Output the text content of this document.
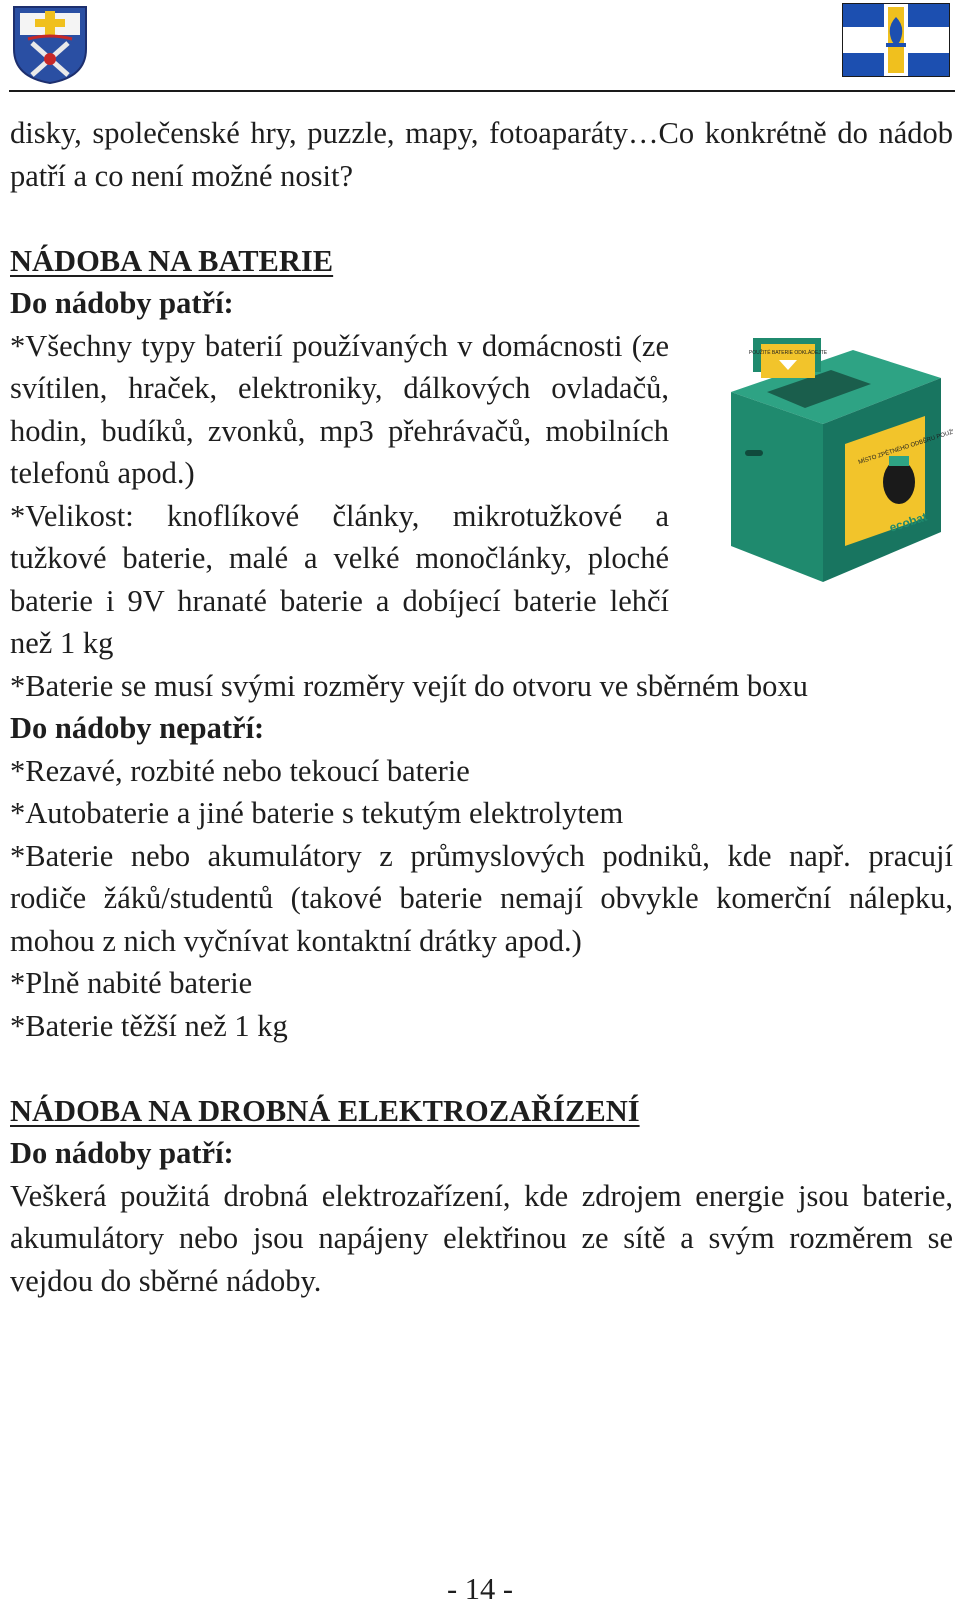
disky, společenské hry, puzzle, mapy, fotoaparáty…Co konkrétně do nádob patří a co není možné nosit?

NÁDOBA NA BATERIE

Do nádoby patří:

POUŽITÉ BATERIE ODKLÁDEJTE
MÍSTO ZPĚTNÉHO ODBĚRU POUŽITÝCH
ecobat

*Všechny typy baterií používaných v domácnosti (ze svítilen, hraček, elektroniky, dálkových ovladačů, hodin, budíků, zvonků, mp3 přehrávačů, mobilních telefonů apod.)

*Velikost: knoflíkové články, mikrotužkové a tužkové baterie, malé a velké monočlánky, ploché baterie i 9V hranaté baterie a dobíjecí baterie lehčí než 1 kg

*Baterie se musí svými rozměry vejít do otvoru ve sběrném boxu

Do nádoby nepatří:

*Rezavé, rozbité nebo tekoucí baterie

*Autobaterie a jiné baterie s tekutým elektrolytem

*Baterie nebo akumulátory z průmyslových podniků, kde např. pracují rodiče žáků/studentů (takové baterie nemají obvykle komerční nálepku, mohou z nich vyčnívat kontaktní drátky apod.)

*Plně nabité baterie

*Baterie těžší než 1 kg

NÁDOBA NA DROBNÁ ELEKTROZAŘÍZENÍ

Do nádoby patří:

Veškerá použitá drobná elektrozařízení, kde zdrojem energie jsou baterie, akumulátory nebo jsou napájeny elektřinou ze sítě a svým rozměrem se vejdou do sběrné nádoby.

- 14 -
